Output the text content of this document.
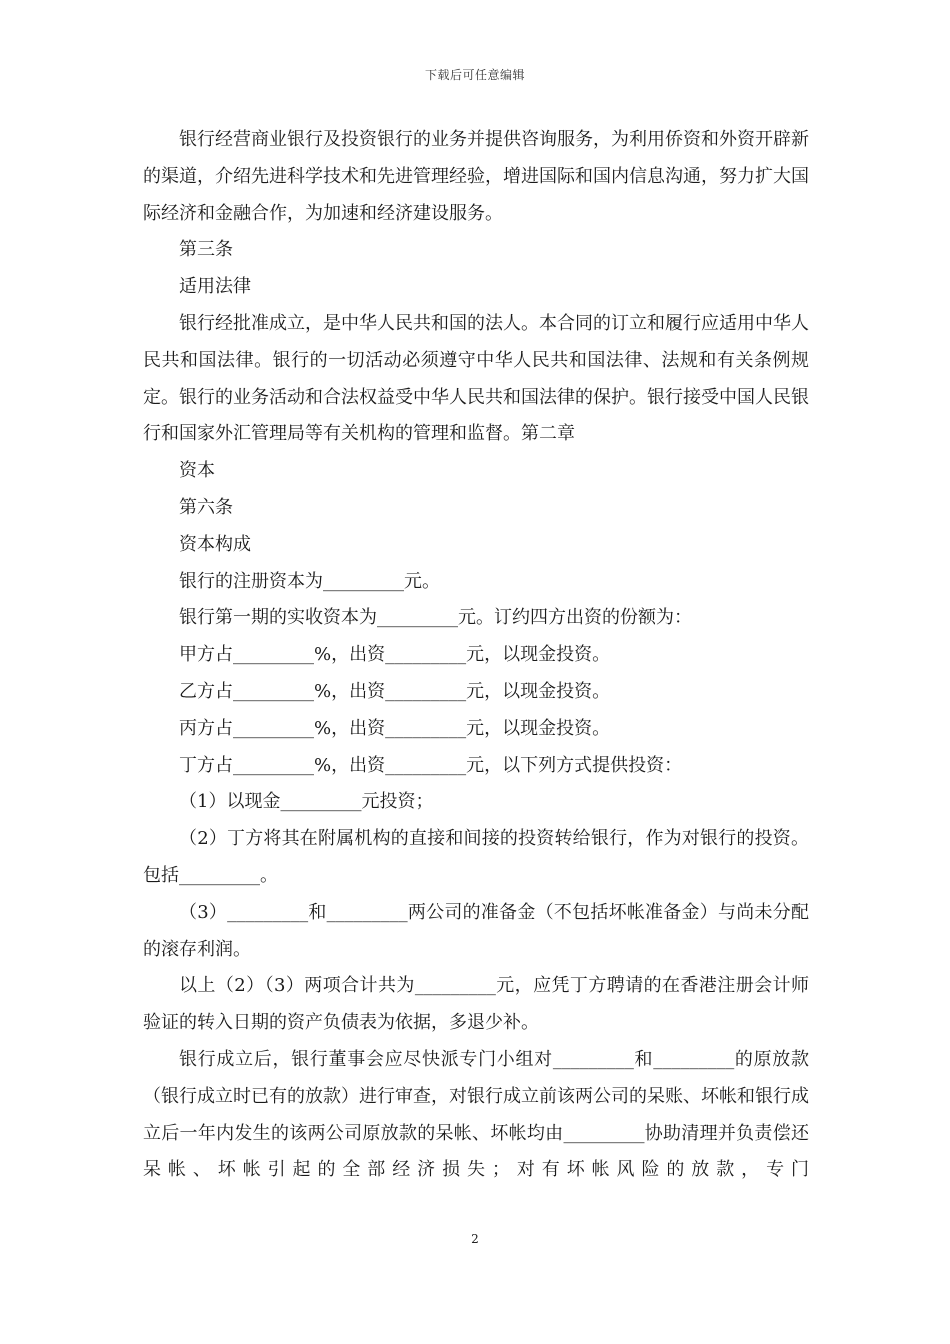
下载后可任意编辑

银行经营商业银行及投资银行的业务并提供咨询服务，为利用侨资和外资开辟新的渠道，介绍先进科学技术和先进管理经验，增进国际和国内信息沟通，努力扩大国际经济和金融合作，为加速和经济建设服务。

第三条

适用法律

银行经批准成立，是中华人民共和国的法人。本合同的订立和履行应适用中华人民共和国法律。银行的一切活动必须遵守中华人民共和国法律、法规和有关条例规定。银行的业务活动和合法权益受中华人民共和国法律的保护。银行接受中国人民银行和国家外汇管理局等有关机构的管理和监督。第二章

资本

第六条

资本构成

银行的注册资本为_________元。

银行第一期的实收资本为_________元。订约四方出资的份额为：

甲方占_________%，出资_________元，以现金投资。

乙方占_________%，出资_________元，以现金投资。

丙方占_________%，出资_________元，以现金投资。

丁方占_________%，出资_________元，以下列方式提供投资：

（1）以现金_________元投资；

（2）丁方将其在附属机构的直接和间接的投资转给银行，作为对银行的投资。包括_________。

（3）_________和_________两公司的准备金（不包括坏帐准备金）与尚未分配的滚存利润。

以上（2）（3）两项合计共为_________元，应凭丁方聘请的在香港注册会计师验证的转入日期的资产负债表为依据，多退少补。

银行成立后，银行董事会应尽快派专门小组对_________和_________的原放款（银行成立时已有的放款）进行审查，对银行成立前该两公司的呆账、坏帐和银行成立后一年内发生的该两公司原放款的呆帐、坏帐均由_________协助清理并负责偿还呆帐、坏帐引起的全部经济损失；对有坏帐风险的放款，专门

2
